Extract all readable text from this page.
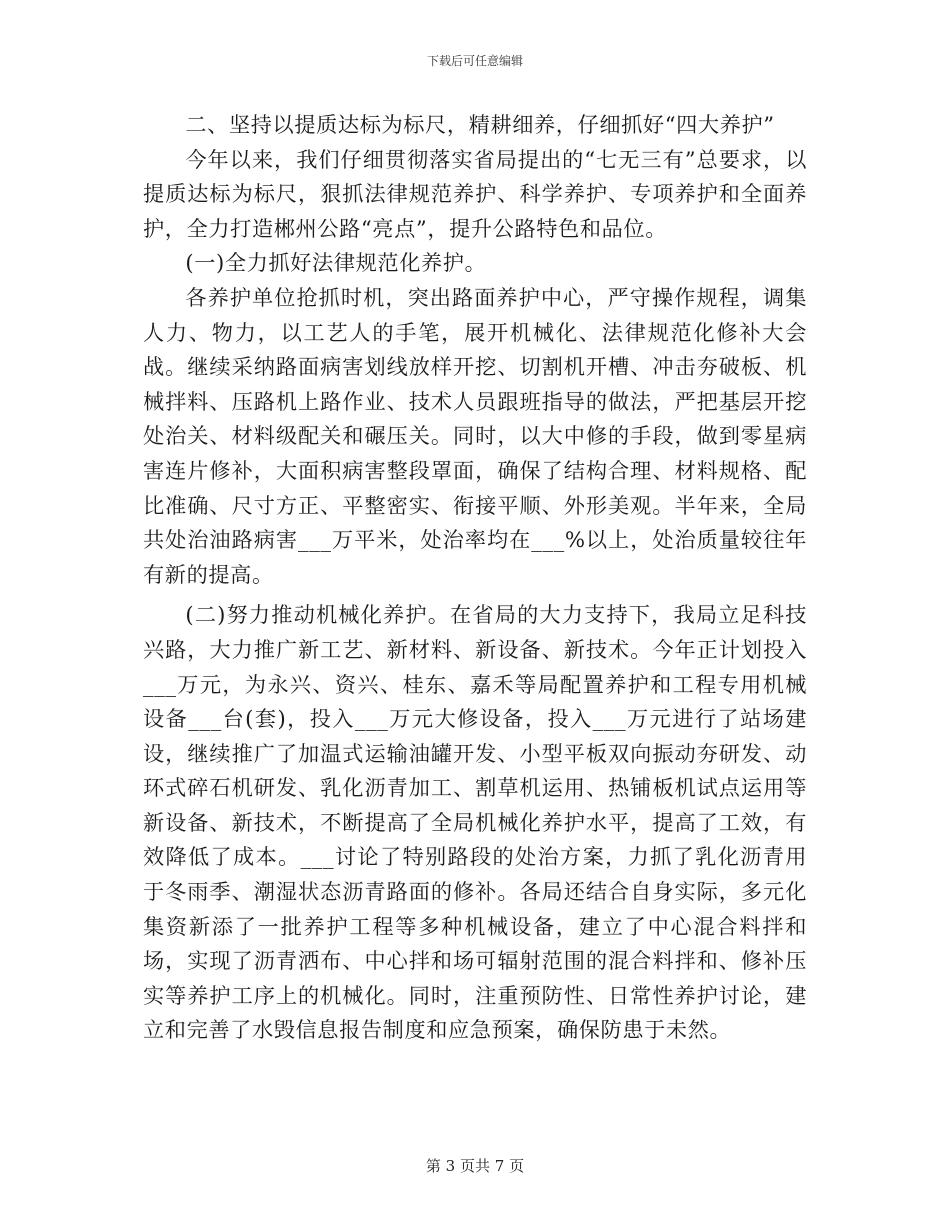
下载后可任意编辑

二、坚持以提质达标为标尺，精耕细养，仔细抓好“四大养护”

今年以来，我们仔细贯彻落实省局提出的“七无三有”总要求，以提质达标为标尺，狠抓法律规范养护、科学养护、专项养护和全面养护，全力打造郴州公路“亮点”，提升公路特色和品位。

(一)全力抓好法律规范化养护。

各养护单位抢抓时机，突出路面养护中心，严守操作规程，调集人力、物力，以工艺人的手笔，展开机械化、法律规范化修补大会战。继续采纳路面病害划线放样开挖、切割机开槽、冲击夯破板、机械拌料、压路机上路作业、技术人员跟班指导的做法，严把基层开挖处治关、材料级配关和碾压关。同时，以大中修的手段，做到零星病害连片修补，大面积病害整段罩面，确保了结构合理、材料规格、配比准确、尺寸方正、平整密实、衔接平顺、外形美观。半年来，全局共处治油路病害___万平米，处治率均在___%以上，处治质量较往年有新的提高。

(二)努力推动机械化养护。在省局的大力支持下，我局立足科技兴路，大力推广新工艺、新材料、新设备、新技术。今年正计划投入___万元，为永兴、资兴、桂东、嘉禾等局配置养护和工程专用机械设备___台(套)，投入___万元大修设备，投入___万元进行了站场建设，继续推广了加温式运输油罐开发、小型平板双向振动夯研发、动环式碎石机研发、乳化沥青加工、割草机运用、热铺板机试点运用等新设备、新技术，不断提高了全局机械化养护水平，提高了工效，有效降低了成本。___讨论了特别路段的处治方案，力抓了乳化沥青用于冬雨季、潮湿状态沥青路面的修补。各局还结合自身实际，多元化集资新添了一批养护工程等多种机械设备，建立了中心混合料拌和场，实现了沥青洒布、中心拌和场可辐射范围的混合料拌和、修补压实等养护工序上的机械化。同时，注重预防性、日常性养护讨论，建立和完善了水毁信息报告制度和应急预案，确保防患于未然。

第 3 页共 7 页
